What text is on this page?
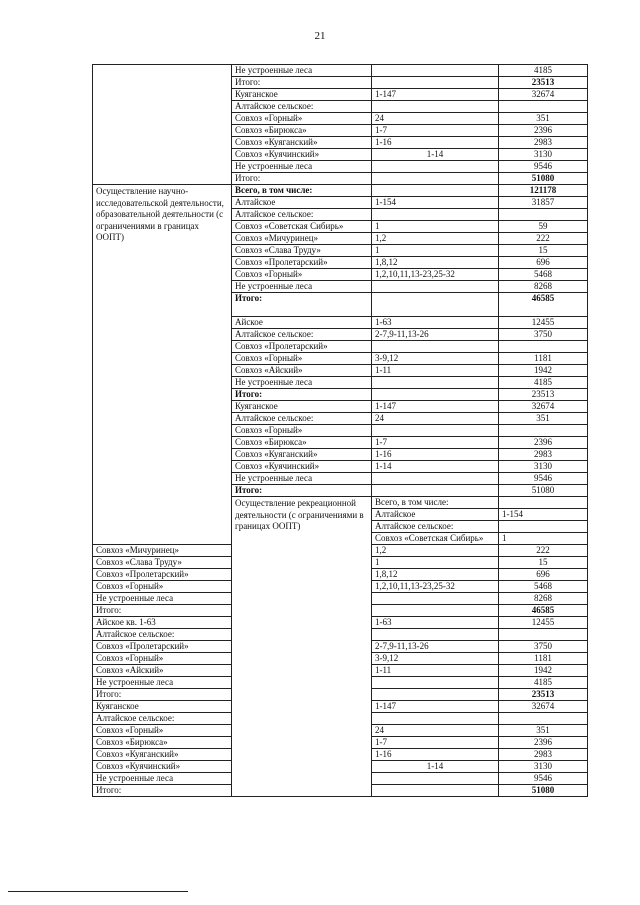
21
	Не устроенные леса		4185	
	Итого:		23513	
	Куяганское	1-147	32674	
	Алтайское сельское:			
	Совхоз «Горный»	24	351	
	Совхоз «Бирюкса»	1-7	2396	
	Совхоз «Куяганский»	1-16	2983	
	Совхоз «Куячинский»	1-14	3130	
	Не устроенные леса		9546	
	Итого:		51080	
Осуществление научно-исследовательской деятельности, образовательной деятельности (с ограничениями в границах ООПТ)	Всего, в том числе:		121178	
	Алтайское	1-154	31857	
	Алтайское сельское:			
	Совхоз «Советская Сибирь»	1	59	
	Совхоз «Мичуринец»	1,2	222	
	Совхоз «Слава Труду»	1	15	
	Совхоз «Пролетарский»	1,8,12	696	
	Совхоз «Горный»	1,2,10,11,13-23,25-32	5468	
	Не устроенные леса		8268	
	Итого:		46585	
	Айское	1-63	12455	
	Алтайское сельское:	2-7,9-11,13-26	3750	
	Совхоз «Пролетарский»			
	Совхоз «Горный»	3-9,12	1181	
	Совхоз «Айский»	1-11	1942	
	Не устроенные леса		4185	
	Итого:		23513	
	Куяганское	1-147	32674	
	Алтайское сельское:	24	351	
	Совхоз «Горный»			
	Совхоз «Бирюкса»	1-7	2396	
	Совхоз «Куяганский»	1-16	2983	
	Совхоз «Куячинский»	1-14	3130	
	Не устроенные леса		9546	
	Итого:		51080	
	Осуществление рекреационной деятельности (с ограничениями в границах ООПТ)	Всего, в том числе:		
		Алтайское	1-154	
		Алтайское сельское:		
		Совхоз «Советская Сибирь»	1	
Совхоз «Мичуринец»		1,2	222	
Совхоз «Слава Труду»		1	15	
Совхоз «Пролетарский»		1,8,12	696	
Совхоз «Горный»		1,2,10,11,13-23,25-32	5468	
Не устроенные леса			8268	
Итого:			46585	
Айское кв. 1-63		1-63	12455	
Алтайское сельское:				
Совхоз «Пролетарский»		2-7,9-11,13-26	3750	
Совхоз «Горный»		3-9,12	1181	
Совхоз «Айский»		1-11	1942	
Не устроенные леса			4185	
Итого:			23513	
Куяганское		1-147	32674	
Алтайское сельское:				
Совхоз «Горный»		24	351	
Совхоз «Бирюкса»		1-7	2396	
Совхоз «Куяганский»		1-16	2983	
Совхоз «Куячинский»		1-14	3130	
Не устроенные леса			9546	
Итого:			51080	
